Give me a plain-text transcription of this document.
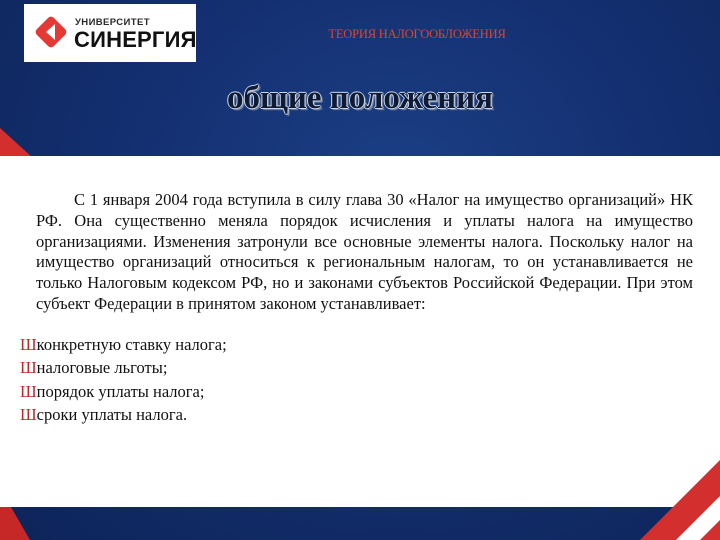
УНИВЕРСИТЕТ
СИНЕРГИЯ	ТЕОРИЯ НАЛОГООБЛОЖЕНИЯ
общие положения

С 1 января 2004 года вступила в силу глава 30 «Налог на имущество организаций» НК РФ. Она существенно меняла порядок исчисления и уплаты налога на имущество организациями. Изменения затронули все основные элементы налога. Поскольку налог на имущество организаций относиться к региональным налогам, то он устанавливается не только Налоговым кодексом РФ, но и законами субъектов Российской Федерации. При этом субъект Федерации в принятом законом устанавливает:

Шконкретную ставку налога;
Шналоговые льготы;
Шпорядок уплаты налога;
Шсроки уплаты налога.
